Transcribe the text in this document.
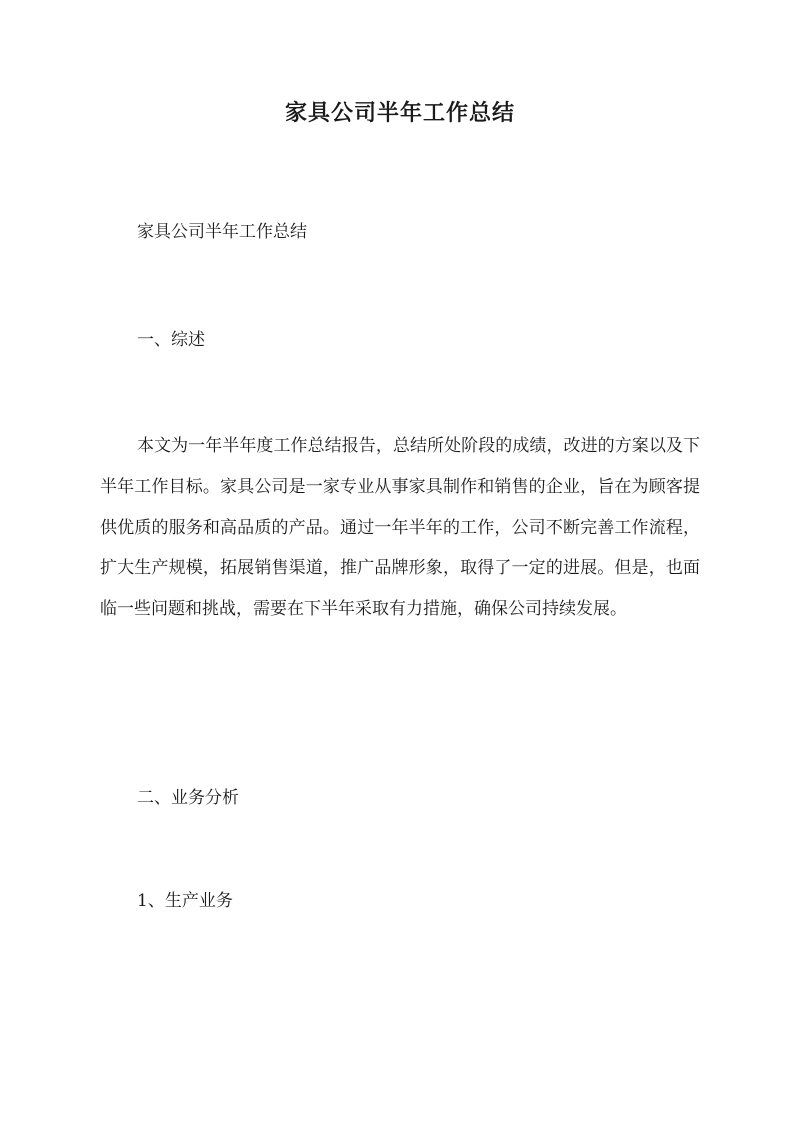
家具公司半年工作总结

家具公司半年工作总结

一、综述

本文为一年半年度工作总结报告，总结所处阶段的成绩，改进的方案以及下半年工作目标。家具公司是一家专业从事家具制作和销售的企业，旨在为顾客提供优质的服务和高品质的产品。通过一年半年的工作，公司不断完善工作流程，扩大生产规模，拓展销售渠道，推广品牌形象，取得了一定的进展。但是，也面临一些问题和挑战，需要在下半年采取有力措施，确保公司持续发展。

二、业务分析

1、生产业务
